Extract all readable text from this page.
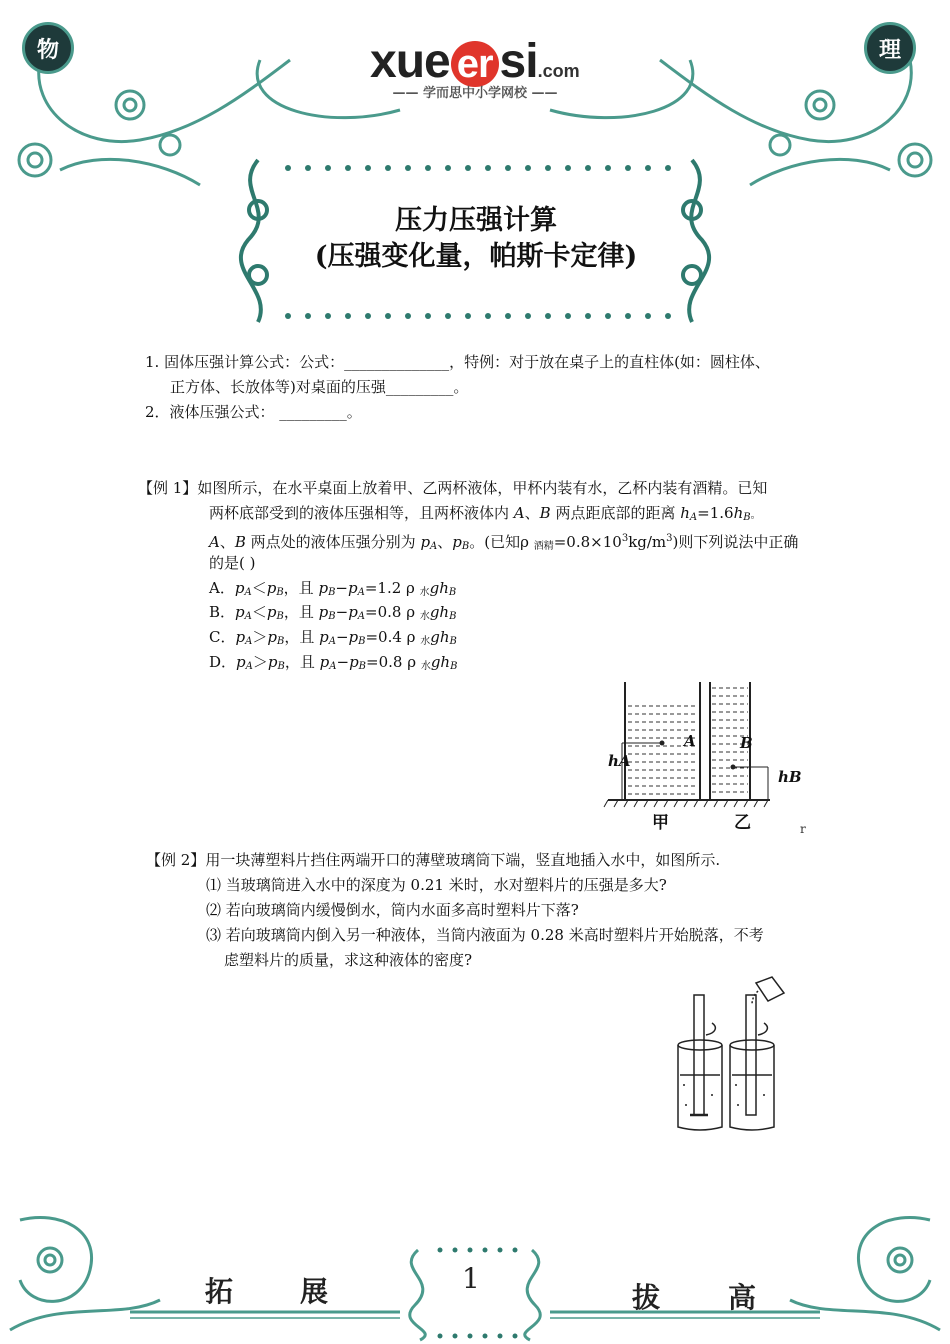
物	理
xue er si.com
—— 学而思中小学网校 ——
压力压强计算
(压强变化量，帕斯卡定律)
1. 固体压强计算公式：公式：______________，特例：对于放在桌子上的直柱体(如：圆柱体、
正方体、长放体等)对桌面的压强_________。
2．液体压强公式： _________。
【例 1】如图所示，在水平桌面上放着甲、乙两杯液体，甲杯内装有水，乙杯内装有酒精。已知
两杯底部受到的液体压强相等，且两杯液体内 A、B 两点距底部的距离 $h_A=1.6h_B$。
A、B 两点处的液体压强分别为 $p_A$、$p_B$。(已知ρ $_{酒精}=0.8\times 10^3kg/m^3$)则下列说法中正确
的是( )
A．$p_A<p_B$，且 $p_B-p_A=1.2$ ρ $_水gh_B$
B．$p_A<p_B$，且 $p_B-p_A=0.8$ ρ $_水gh_B$
C．$p_A>p_B$，且 $p_A-p_B=0.4$ ρ $_水gh_B$
D．$p_A>p_B$，且 $p_A-p_B=0.8$ ρ $_水gh_B$
A	B
hA
hB
甲	乙	r
【例 2】用一块薄塑料片挡住两端开口的薄壁玻璃筒下端，竖直地插入水中，如图所示.
⑴ 当玻璃筒进入水中的深度为 0.21 米时，水对塑料片的压强是多大?
⑵ 若向玻璃筒内缓慢倒水，筒内水面多高时塑料片下落?
⑶ 若向玻璃筒内倒入另一种液体，当筒内液面为 0.28 米高时塑料片开始脱落，不考
虑塑料片的质量，求这种液体的密度?
拓 展	1
拔 高
